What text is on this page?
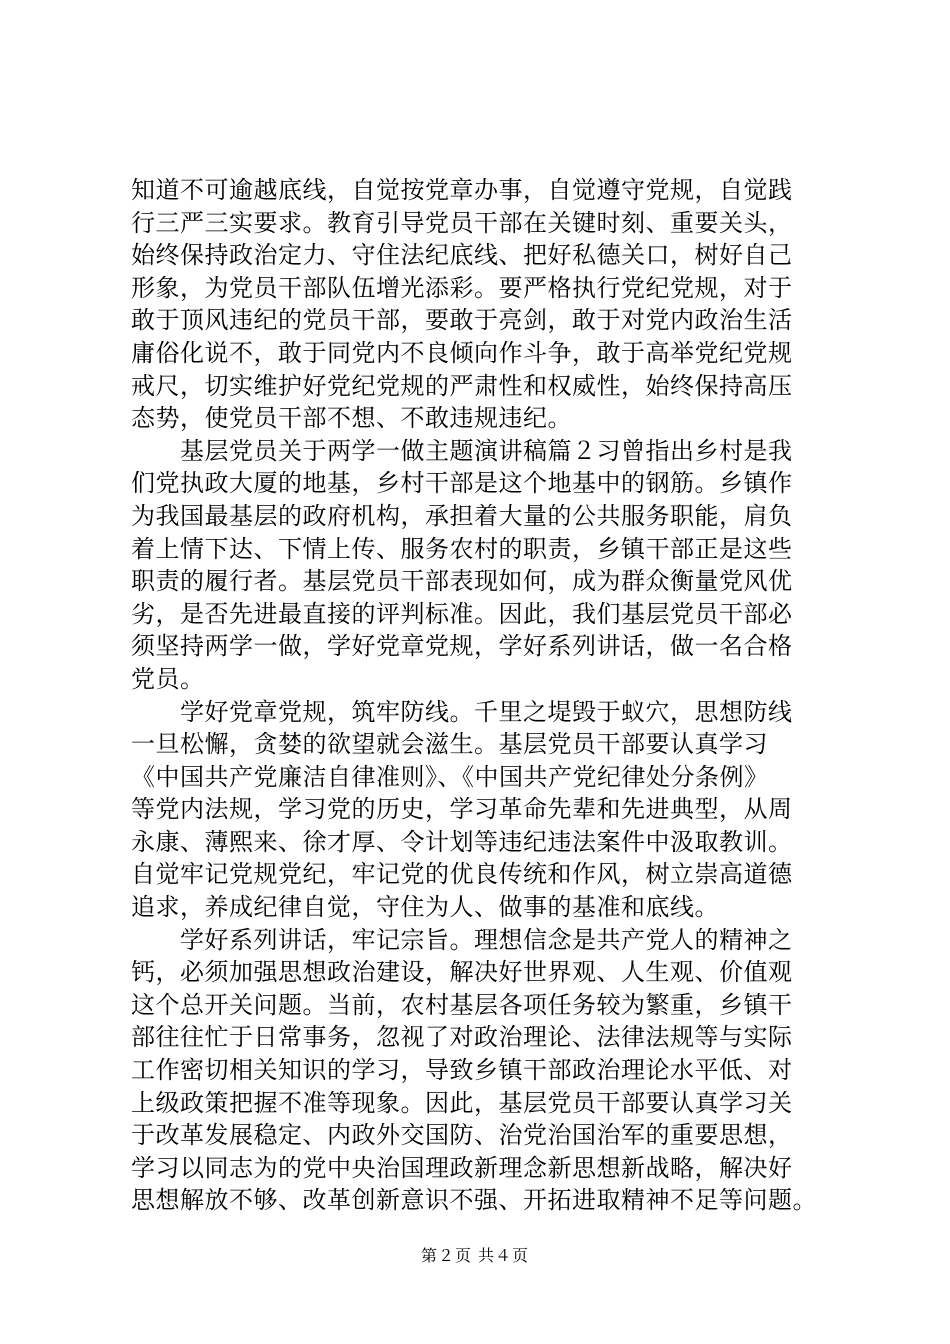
知道不可逾越底线，自觉按党章办事，自觉遵守党规，自觉践
行三严三实要求。教育引导党员干部在关键时刻、重要关头，
始终保持政治定力、守住法纪底线、把好私德关口，树好自己
形象，为党员干部队伍增光添彩。要严格执行党纪党规，对于
敢于顶风违纪的党员干部，要敢于亮剑，敢于对党内政治生活
庸俗化说不，敢于同党内不良倾向作斗争，敢于高举党纪党规
戒尺，切实维护好党纪党规的严肃性和权威性，始终保持高压
态势，使党员干部不想、不敢违规违纪。
　　基层党员关于两学一做主题演讲稿篇２习曾指出乡村是我
们党执政大厦的地基，乡村干部是这个地基中的钢筋。乡镇作
为我国最基层的政府机构，承担着大量的公共服务职能，肩负
着上情下达、下情上传、服务农村的职责，乡镇干部正是这些
职责的履行者。基层党员干部表现如何，成为群众衡量党风优
劣，是否先进最直接的评判标准。因此，我们基层党员干部必
须坚持两学一做，学好党章党规，学好系列讲话，做一名合格
党员。
　　学好党章党规，筑牢防线。千里之堤毁于蚁穴，思想防线
一旦松懈，贪婪的欲望就会滋生。基层党员干部要认真学习
《中国共产党廉洁自律准则》、《中国共产党纪律处分条例》
等党内法规，学习党的历史，学习革命先辈和先进典型，从周
永康、薄熙来、徐才厚、令计划等违纪违法案件中汲取教训。
自觉牢记党规党纪，牢记党的优良传统和作风，树立崇高道德
追求，养成纪律自觉，守住为人、做事的基准和底线。
　　学好系列讲话，牢记宗旨。理想信念是共产党人的精神之
钙，必须加强思想政治建设，解决好世界观、人生观、价值观
这个总开关问题。当前，农村基层各项任务较为繁重，乡镇干
部往往忙于日常事务，忽视了对政治理论、法律法规等与实际
工作密切相关知识的学习，导致乡镇干部政治理论水平低、对
上级政策把握不准等现象。因此，基层党员干部要认真学习关
于改革发展稳定、内政外交国防、治党治国治军的重要思想，
学习以同志为的党中央治国理政新理念新思想新战略，解决好
思想解放不够、改革创新意识不强、开拓进取精神不足等问题。
第２页 共４页
